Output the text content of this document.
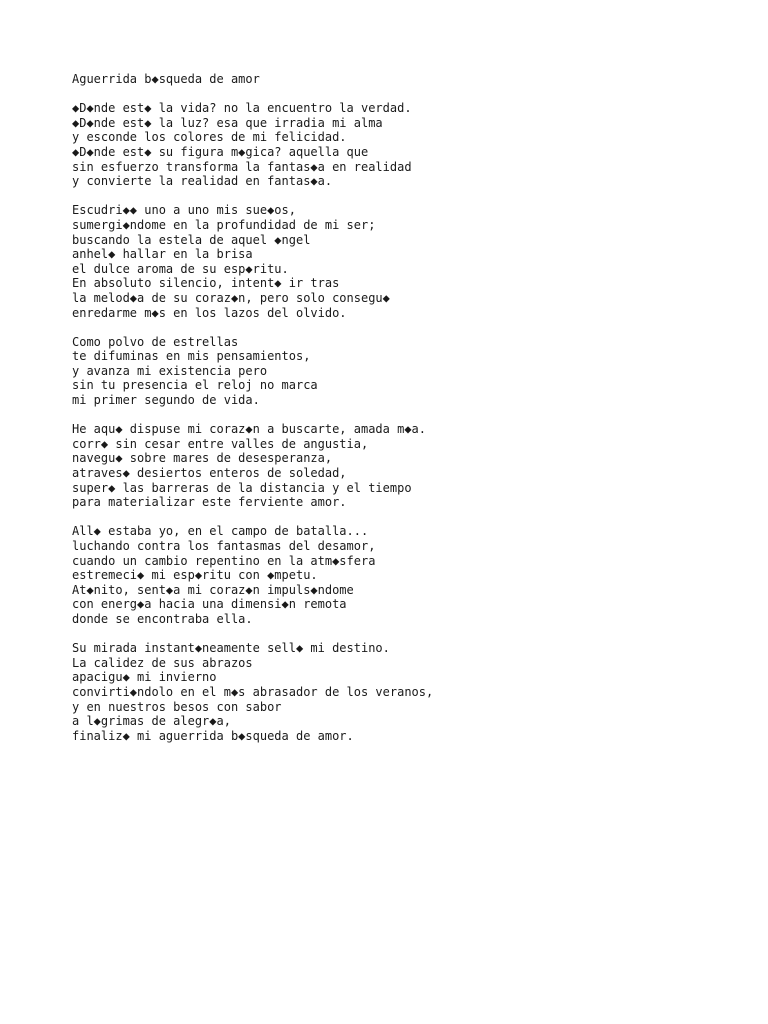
Aguerrida b◆squeda de amor
◆D◆nde est◆ la vida? no la encuentro la verdad.
◆D◆nde est◆ la luz? esa que irradia mi alma
y esconde los colores de mi felicidad.
◆D◆nde est◆ su figura m◆gica? aquella que
sin esfuerzo transforma la fantas◆a en realidad
y convierte la realidad en fantas◆a.
Escudri◆◆ uno a uno mis sue◆os,
sumergi◆ndome en la profundidad de mi ser;
buscando la estela de aquel ◆ngel
anhel◆ hallar en la brisa
el dulce aroma de su esp◆ritu.
En absoluto silencio, intent◆ ir tras
la melod◆a de su coraz◆n, pero solo consegu◆
enredarme m◆s en los lazos del olvido.
Como polvo de estrellas
te difuminas en mis pensamientos,
y avanza mi existencia pero
sin tu presencia el reloj no marca
mi primer segundo de vida.
He aqu◆ dispuse mi coraz◆n a buscarte, amada m◆a.
corr◆ sin cesar entre valles de angustia,
navegu◆ sobre mares de desesperanza,
atraves◆ desiertos enteros de soledad,
super◆ las barreras de la distancia y el tiempo
para materializar este ferviente amor.
All◆ estaba yo, en el campo de batalla...
luchando contra los fantasmas del desamor,
cuando un cambio repentino en la atm◆sfera
estremeci◆ mi esp◆ritu con ◆mpetu.
At◆nito, sent◆a mi coraz◆n impuls◆ndome
con energ◆a hacia una dimensi◆n remota
donde se encontraba ella.
Su mirada instant◆neamente sell◆ mi destino.
La calidez de sus abrazos
apacigu◆ mi invierno
convirti◆ndolo en el m◆s abrasador de los veranos,
y en nuestros besos con sabor
a l◆grimas de alegr◆a,
finaliz◆ mi aguerrida b◆squeda de amor.
